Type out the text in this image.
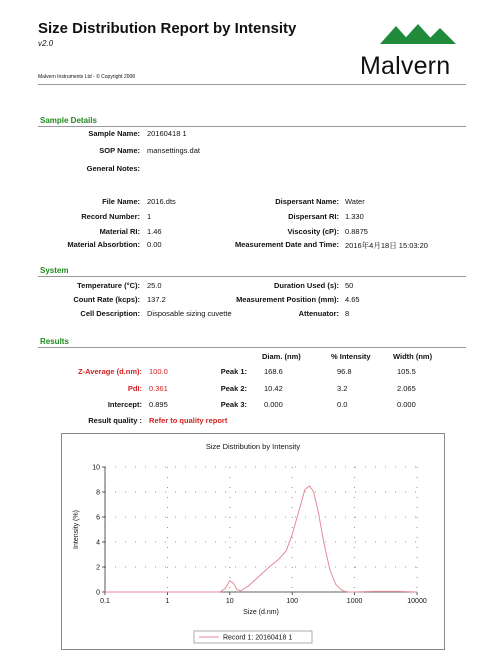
Size Distribution Report by Intensity
v2.0
Malvern Instruments Ltd - © Copyright 2008	Malvern
Sample Details
Sample Name: 20160418 1
SOP Name: mansettings.dat
General Notes:
File Name: 2016.dts
Record Number: 1
Material RI: 1.46
Material Absorbtion: 0.00
Dispersant Name: Water
Dispersant RI: 1.330
Viscosity (cP): 0.8875
Measurement Date and Time: 2016年4月18日 15:03:20
System
Temperature (°C): 25.0
Count Rate (kcps): 137.2
Cell Description: Disposable sizing cuvette
Duration Used (s): 50
Measurement Position (mm): 4.65
Attenuator: 8
Results
Diam. (nm)	% Intensity	Width (nm)
Z-Average (d.nm): 100.0
PdI: 0.361
Intercept: 0.895
Result quality : Refer to quality report
Peak 1: 168.6	96.8	105.5
Peak 2: 10.42	3.2	2.065
Peak 3: 0.000	0.0	0.000
Size Distribution by Intensity
0
2
4
6
8
10
0.1	1	10	100	1000	10000
Size (d.nm)
Intensity (%)
Record 1: 20160418 1
